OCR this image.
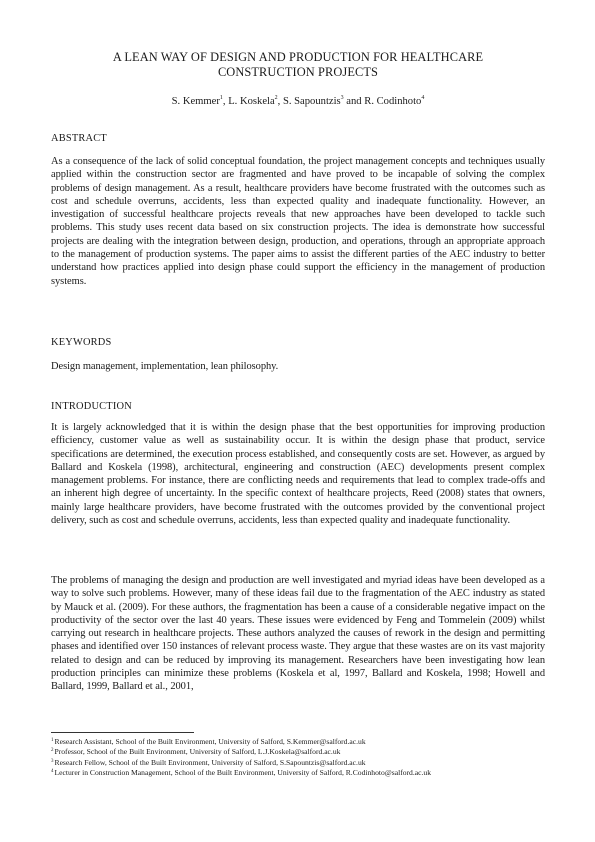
A LEAN WAY OF DESIGN AND PRODUCTION FOR HEALTHCARE
CONSTRUCTION PROJECTS
S. Kemmer$^1$, L. Koskela$^2$, S. Sapountzis$^3$ and R. Codinhoto$^4$
ABSTRACT

As a consequence of the lack of solid conceptual foundation, the project management concepts and techniques usually applied within the construction sector are fragmented and have proved to be incapable of solving the complex problems of design management. As a result, healthcare providers have become frustrated with the outcomes such as cost and schedule overruns, accidents, less than expected quality and inadequate functionality. However, an investigation of successful healthcare projects reveals that new approaches have been developed to tackle such problems. This study uses recent data based on six construction projects. The idea is demonstrate how successful projects are dealing with the integration between design, production, and operations, through an appropriate approach to the management of production systems. The paper aims to assist the different parties of the AEC industry to better understand how practices applied into design phase could support the efficiency in the management of production systems.

KEYWORDS

Design management, implementation, lean philosophy.

INTRODUCTION

It is largely acknowledged that it is within the design phase that the best opportunities for improving production efficiency, customer value as well as sustainability occur. It is within the design phase that product, service specifications are determined, the execution process established, and consequently costs are set. However, as argued by Ballard and Koskela (1998), architectural, engineering and construction (AEC) developments present complex management problems. For instance, there are conflicting needs and requirements that lead to complex trade-offs and an inherent high degree of uncertainty. In the specific context of healthcare projects, Reed (2008) states that owners, mainly large healthcare providers, have become frustrated with the outcomes provided by the conventional project delivery, such as cost and schedule overruns, accidents, less than expected quality and inadequate functionality.

The problems of managing the design and production are well investigated and myriad ideas have been developed as a way to solve such problems. However, many of these ideas fail due to the fragmentation of the AEC industry as stated by Mauck et al. (2009). For these authors, the fragmentation has been a cause of a considerable negative impact on the productivity of the sector over the last 40 years. These issues were evidenced by Feng and Tommelein (2009) whilst carrying out research in healthcare projects. These authors analyzed the causes of rework in the design and permitting phases and identified over 150 instances of relevant process waste. They argue that these wastes are on its vast majority related to design and can be reduced by improving its management. Researchers have been investigating how lean production principles can minimize these problems (Koskela et al, 1997, Ballard and Koskela, 1998; Howell and Ballard, 1999, Ballard et al., 2001,

$^1$Research Assistant, School of the Built Environment, University of Salford, S.Kemmer@salford.ac.uk
$^2$Professor, School of the Built Environment, University of Salford, L.J.Koskela@salford.ac.uk
$^3$Research Fellow, School of the Built Environment, University of Salford, S.Sapountzis@salford.ac.uk
$^4$Lecturer in Construction Management, School of the Built Environment, University of Salford, R.Codinhoto@salford.ac.uk
